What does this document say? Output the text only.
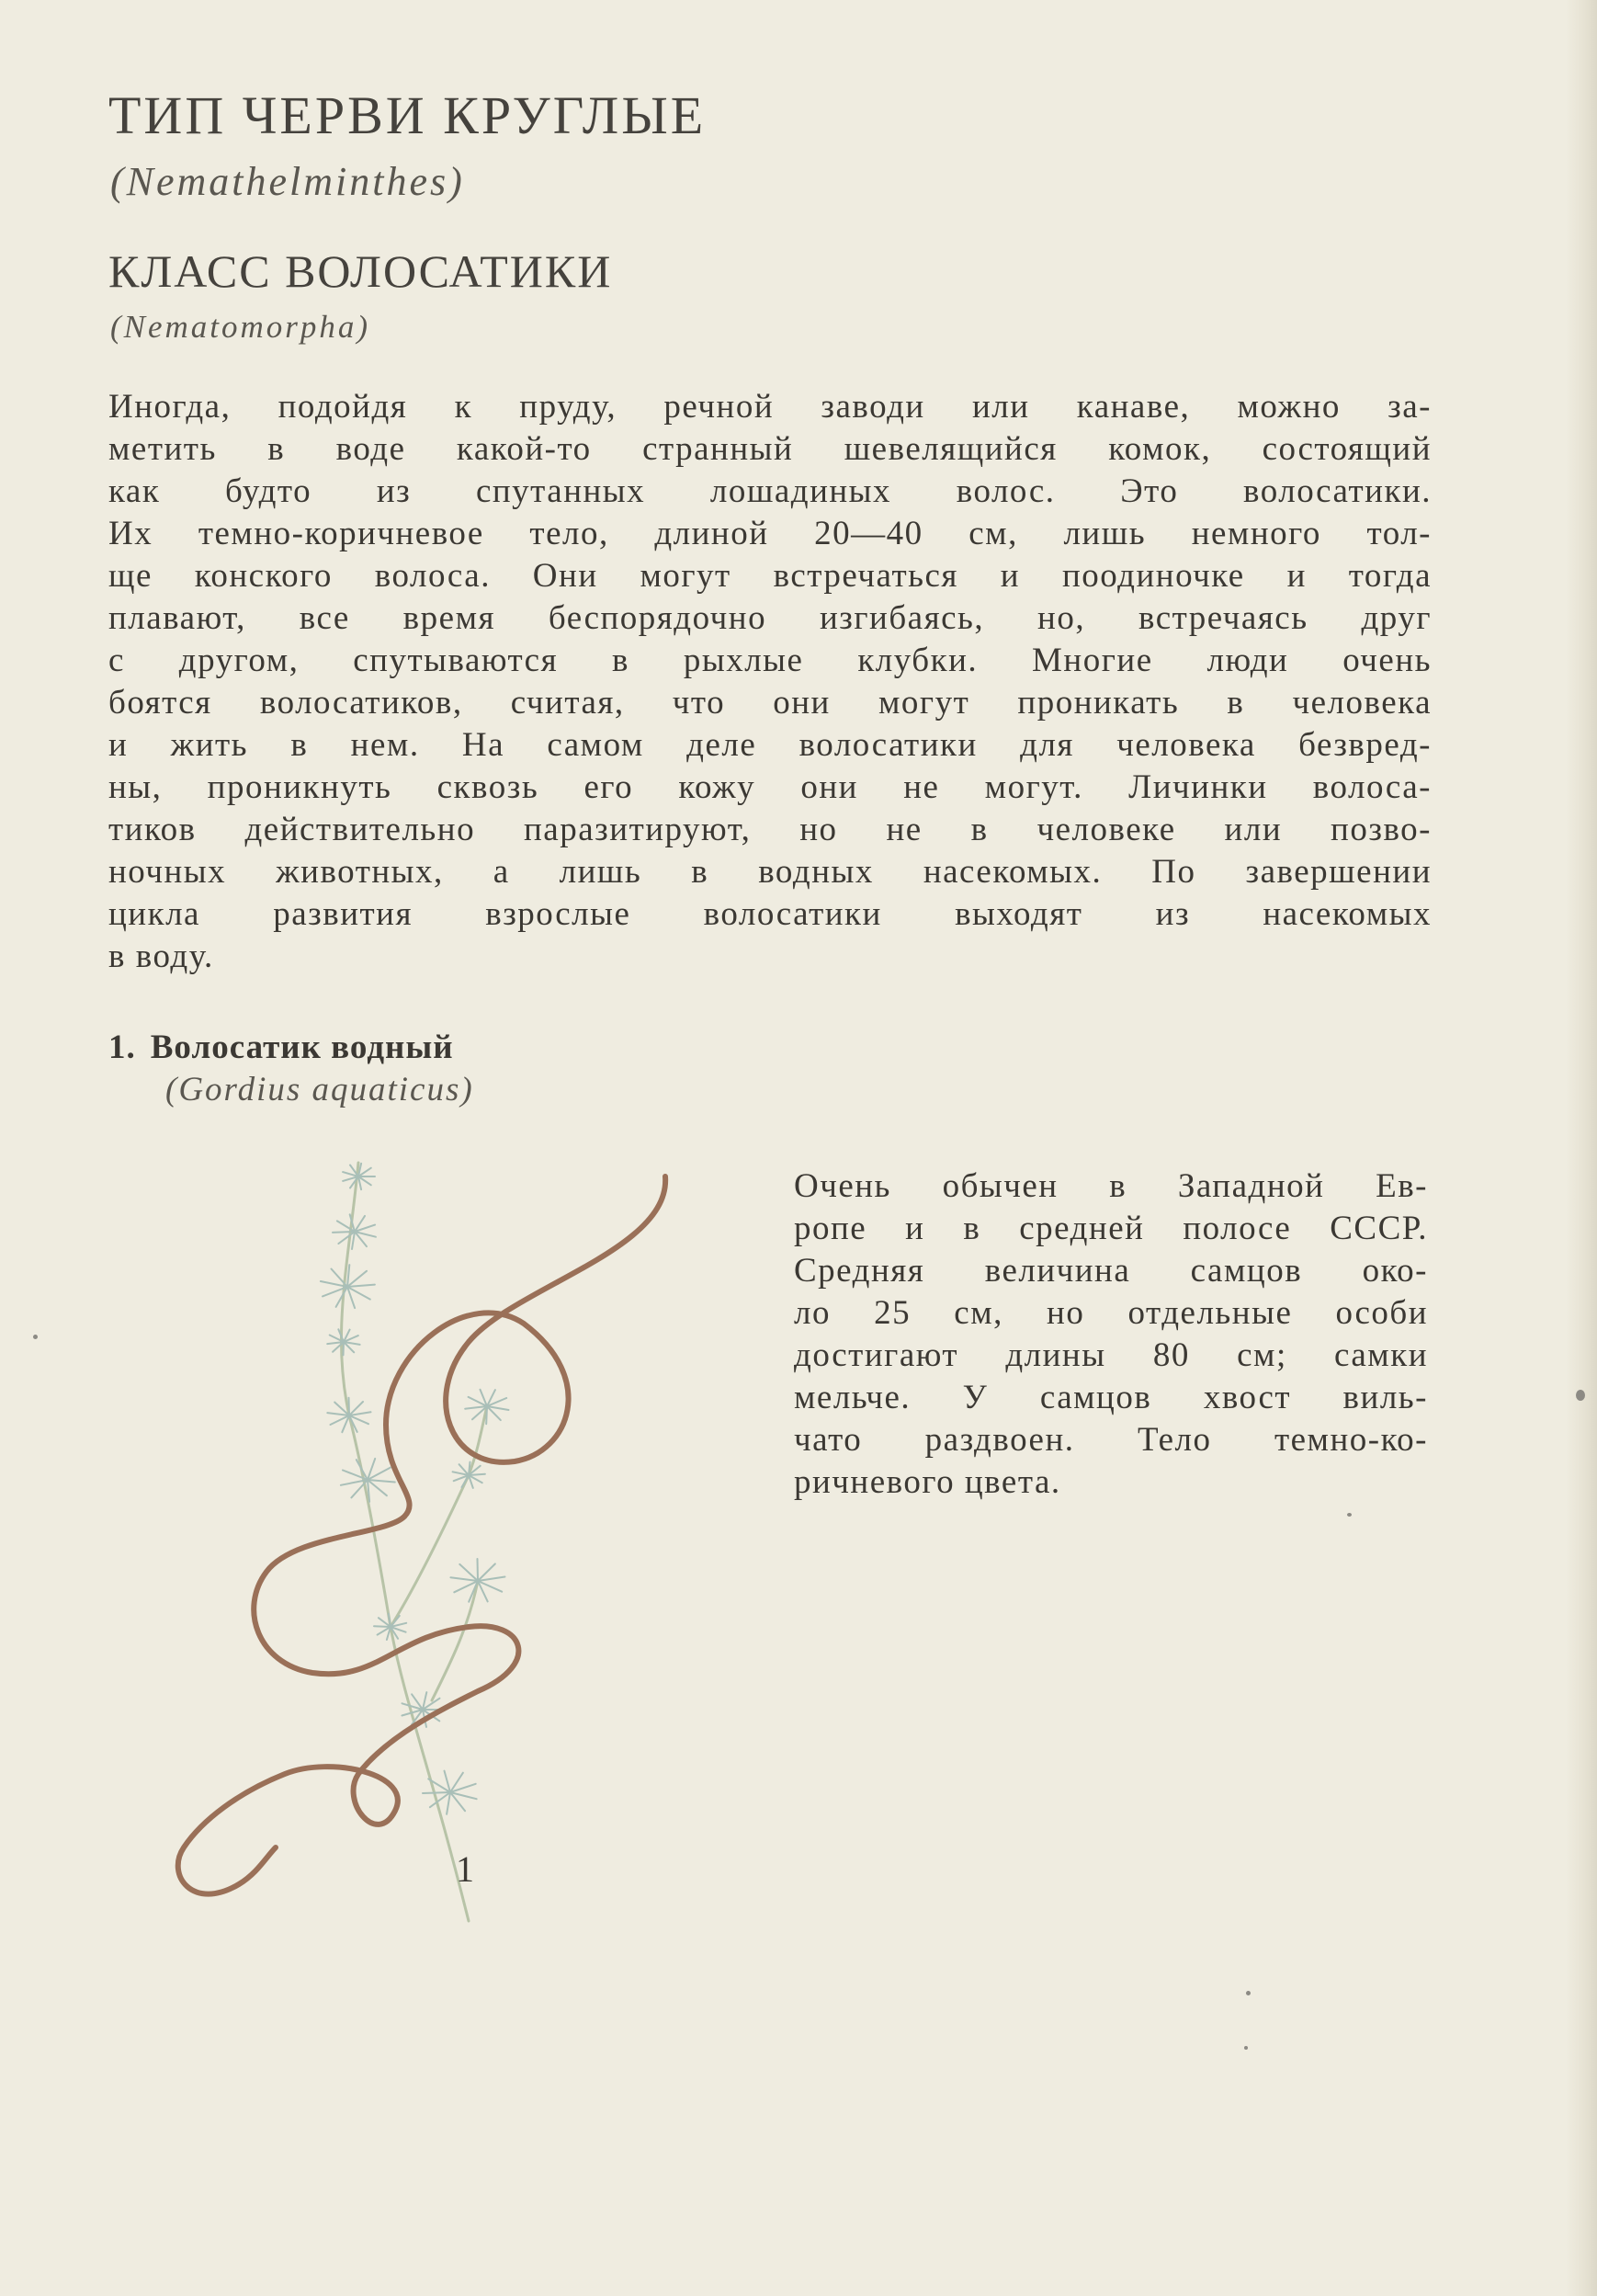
ТИП ЧЕРВИ КРУГЛЫЕ
(Nemathelminthes)
КЛАСС ВОЛОСАТИКИ
(Nematomorpha)

Иногда, подойдя к пруду, речной заводи или канаве, можно за-
метить в воде какой-то странный шевелящийся комок, состоящий
как будто из спутанных лошадиных волос. Это волосатики.
Их темно-коричневое тело, длиной 20—40 см, лишь немного тол-
ще конского волоса. Они могут встречаться и поодиночке и тогда
плавают, все время беспорядочно изгибаясь, но, встречаясь друг
с другом, спутываются в рыхлые клубки. Многие люди очень
боятся волосатиков, считая, что они могут проникать в человека
и жить в нем. На самом деле волосатики для человека безвред-
ны, проникнуть сквозь его кожу они не могут. Личинки волоса-
тиков действительно паразитируют, но не в человеке или позво-
ночных животных, а лишь в водных насекомых. По завершении
цикла развития взрослые волосатики выходят из насекомых
в воду.

1. Волосатик водный
(Gordius aquaticus)
1
Очень обычен в Западной Ев-
ропе и в средней полосе СССР.
Средняя величина самцов око-
ло 25 см, но отдельные особи
достигают длины 80 см; самки
мельче. У самцов хвост виль-
чато раздвоен. Тело темно-ко-
ричневого цвета.
